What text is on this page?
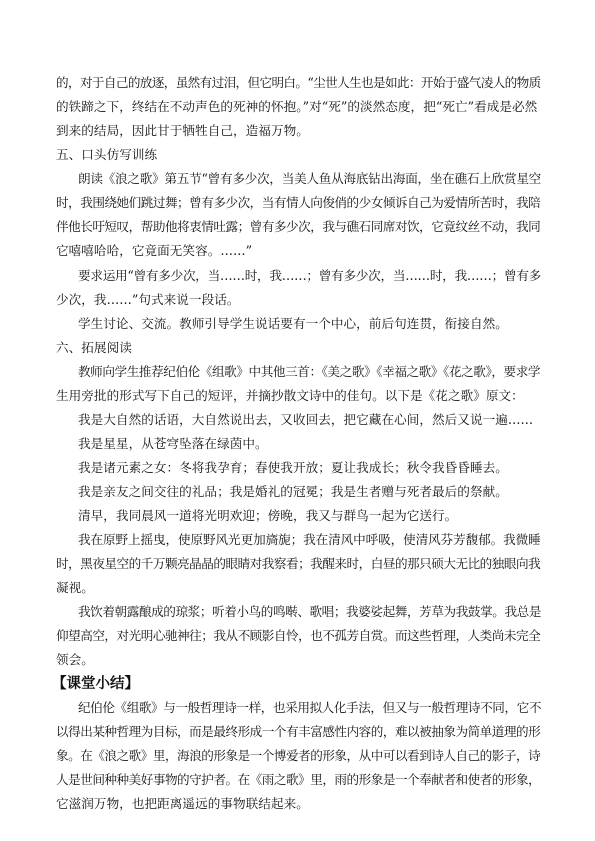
的，对于自己的放逐，虽然有过泪，但它明白。“尘世人生也是如此：开始于盛气凌人的物质
的铁蹄之下，终结在不动声色的死神的怀抱。”对“死”的淡然态度，把“死亡”看成是必然
到来的结局，因此甘于牺牲自己，造福万物。
五、口头仿写训练
朗读《浪之歌》第五节“曾有多少次，当美人鱼从海底钻出海面，坐在礁石上欣赏星空
时，我围绕她们跳过舞；曾有多少次，当有情人向俊俏的少女倾诉自己为爱情所苦时，我陪
伴他长吁短叹，帮助他将衷情吐露；曾有多少次，我与礁石同席对饮，它竟纹丝不动，我同
它嘻嘻哈哈，它竟面无笑容。……”
要求运用“曾有多少次，当……时，我……；曾有多少次，当……时，我……；曾有多
少次，我……”句式来说一段话。
学生讨论、交流。教师引导学生说话要有一个中心，前后句连贯，衔接自然。
六、拓展阅读
教师向学生推荐纪伯伦《组歌》中其他三首：《美之歌》《幸福之歌》《花之歌》，要求学
生用旁批的形式写下自己的短评，并摘抄散文诗中的佳句。以下是《花之歌》原文：
我是大自然的话语，大自然说出去，又收回去，把它藏在心间，然后又说一遍……
我是星星，从苍穹坠落在绿茵中。
我是诸元素之女：冬将我孕育；春使我开放；夏让我成长；秋令我昏昏睡去。
我是亲友之间交往的礼品；我是婚礼的冠冕；我是生者赠与死者最后的祭献。
清早，我同晨风一道将光明欢迎；傍晚，我又与群鸟一起为它送行。
我在原野上摇曳，使原野风光更加旖旎；我在清风中呼吸，使清风芬芳馥郁。我微睡
时，黑夜星空的千万颗亮晶晶的眼睛对我察看；我醒来时，白昼的那只硕大无比的独眼向我
凝视。
我饮着朝露酿成的琼浆；听着小鸟的鸣啭、歌唱；我婆娑起舞，芳草为我鼓掌。我总是
仰望高空，对光明心驰神往；我从不顾影自怜，也不孤芳自赏。而这些哲理，人类尚未完全
领会。
【课堂小结】
纪伯伦《组歌》与一般哲理诗一样，也采用拟人化手法，但又与一般哲理诗不同，它不
以得出某种哲理为目标，而是最终形成一个有丰富感性内容的，难以被抽象为简单道理的形
象。在《浪之歌》里，海浪的形象是一个博爱者的形象，从中可以看到诗人自己的影子，诗
人是世间种种美好事物的守护者。在《雨之歌》里，雨的形象是一个奉献者和使者的形象，
它滋润万物，也把距离遥远的事物联结起来。
